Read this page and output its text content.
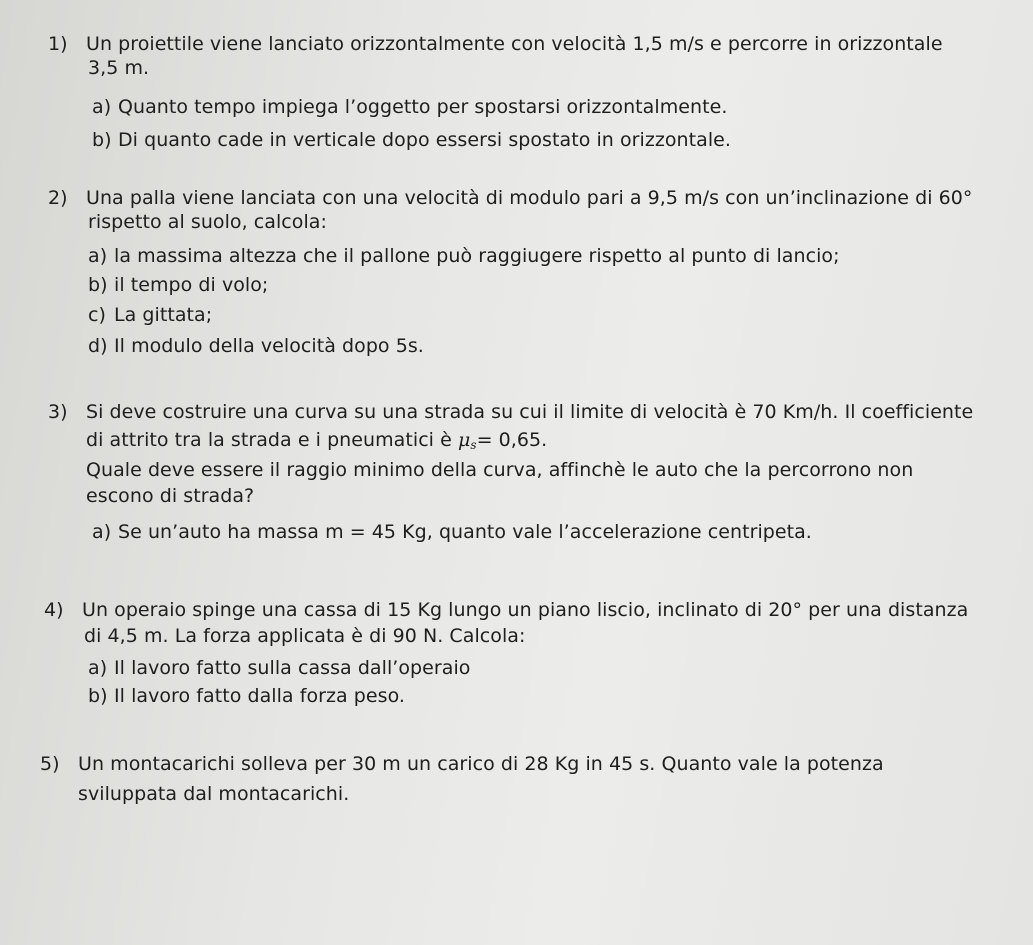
1) Un proiettile viene lanciato orizzontalmente con velocità 1,5 m/s e percorre in orizzontale
3,5 m.
a) Quanto tempo impiega l’oggetto per spostarsi orizzontalmente.
b) Di quanto cade in verticale dopo essersi spostato in orizzontale.
2) Una palla viene lanciata con una velocità di modulo pari a 9,5 m/s con un’inclinazione di 60°
rispetto al suolo, calcola:
a) la massima altezza che il pallone può raggiugere rispetto al punto di lancio;
b) il tempo di volo;
c) La gittata;
d) Il modulo della velocità dopo 5s.
3) Si deve costruire una curva su una strada su cui il limite di velocità è 70 Km/h. Il coefficiente
di attrito tra la strada e i pneumatici è $\mu_s= 0,65$.
Quale deve essere il raggio minimo della curva, affinchè le auto che la percorrono non
escono di strada?
a) Se un’auto ha massa m = 45 Kg, quanto vale l’accelerazione centripeta.
4) Un operaio spinge una cassa di 15 Kg lungo un piano liscio, inclinato di 20° per una distanza
di 4,5 m. La forza applicata è di 90 N. Calcola:
a) Il lavoro fatto sulla cassa dall’operaio
b) Il lavoro fatto dalla forza peso.
5) Un montacarichi solleva per 30 m un carico di 28 Kg in 45 s. Quanto vale la potenza
sviluppata dal montacarichi.
